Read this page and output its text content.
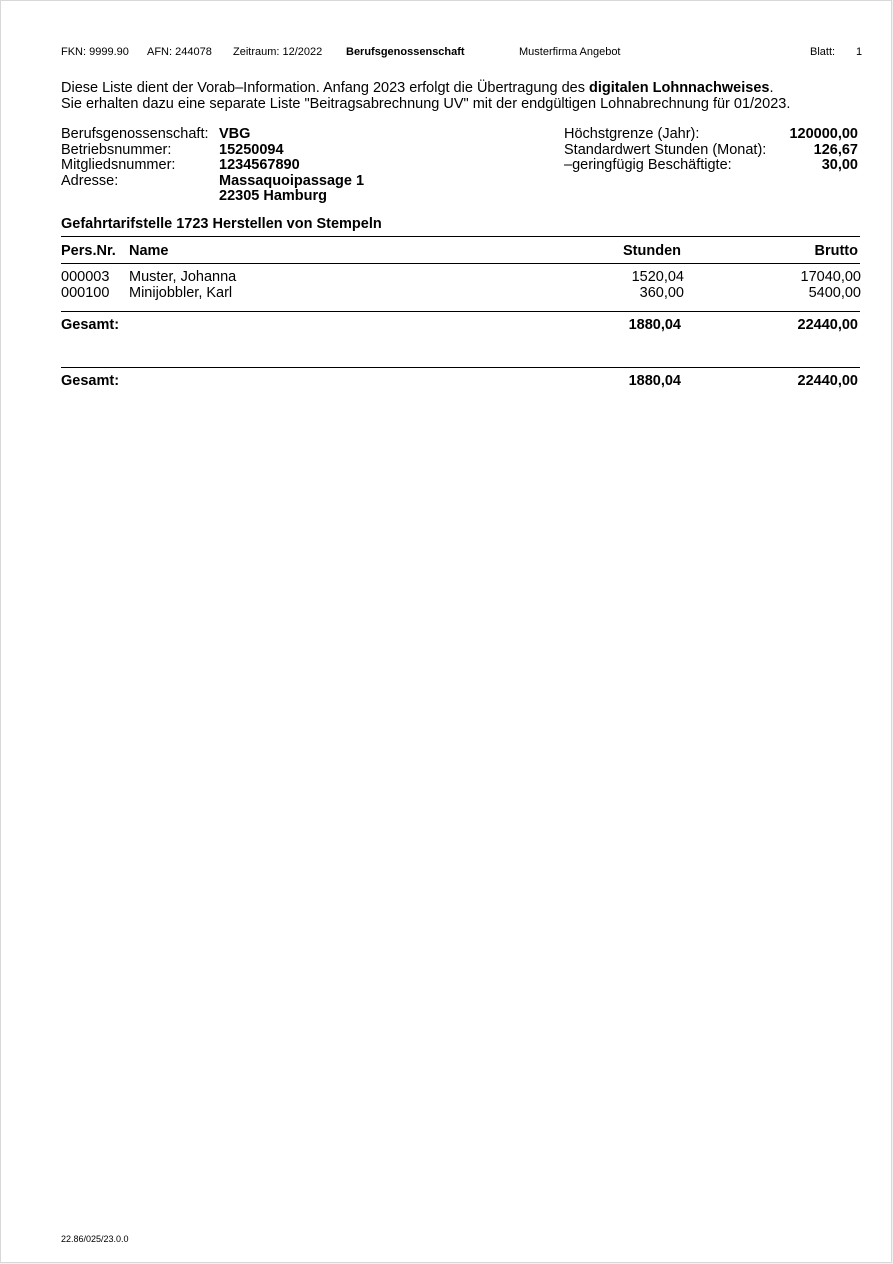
FKN: 9999.90 AFN: 244078 Zeitraum: 12/2022 Berufsgenossenschaft	Musterfirma Angebot	Blatt: 1
Diese Liste dient der Vorab–Information. Anfang 2023 erfolgt die Übertragung des digitalen Lohnnachweises.
Sie erhalten dazu eine separate Liste "Beitragsabrechnung UV" mit der endgültigen Lohnabrechnung für 01/2023.
Berufsgenossenschaft: VBG
Betriebsnummer:	15250094
Mitgliedsnummer:	1234567890
Adresse:	Massaquoipassage 1
22305 Hamburg
Höchstgrenze (Jahr):	120000,00
Standardwert Stunden (Monat):	126,67
–geringfügig Beschäftigte:	30,00
Gefahrtarifstelle 1723 Herstellen von Stempeln
Pers.Nr. Name	Stunden	Brutto
000003 Muster, Johanna	1520,04	17040,00
000100 Minijobbler, Karl	360,00	5400,00
Gesamt:	1880,04	22440,00
Gesamt:	1880,04	22440,00
22.86/025/23.0.0
